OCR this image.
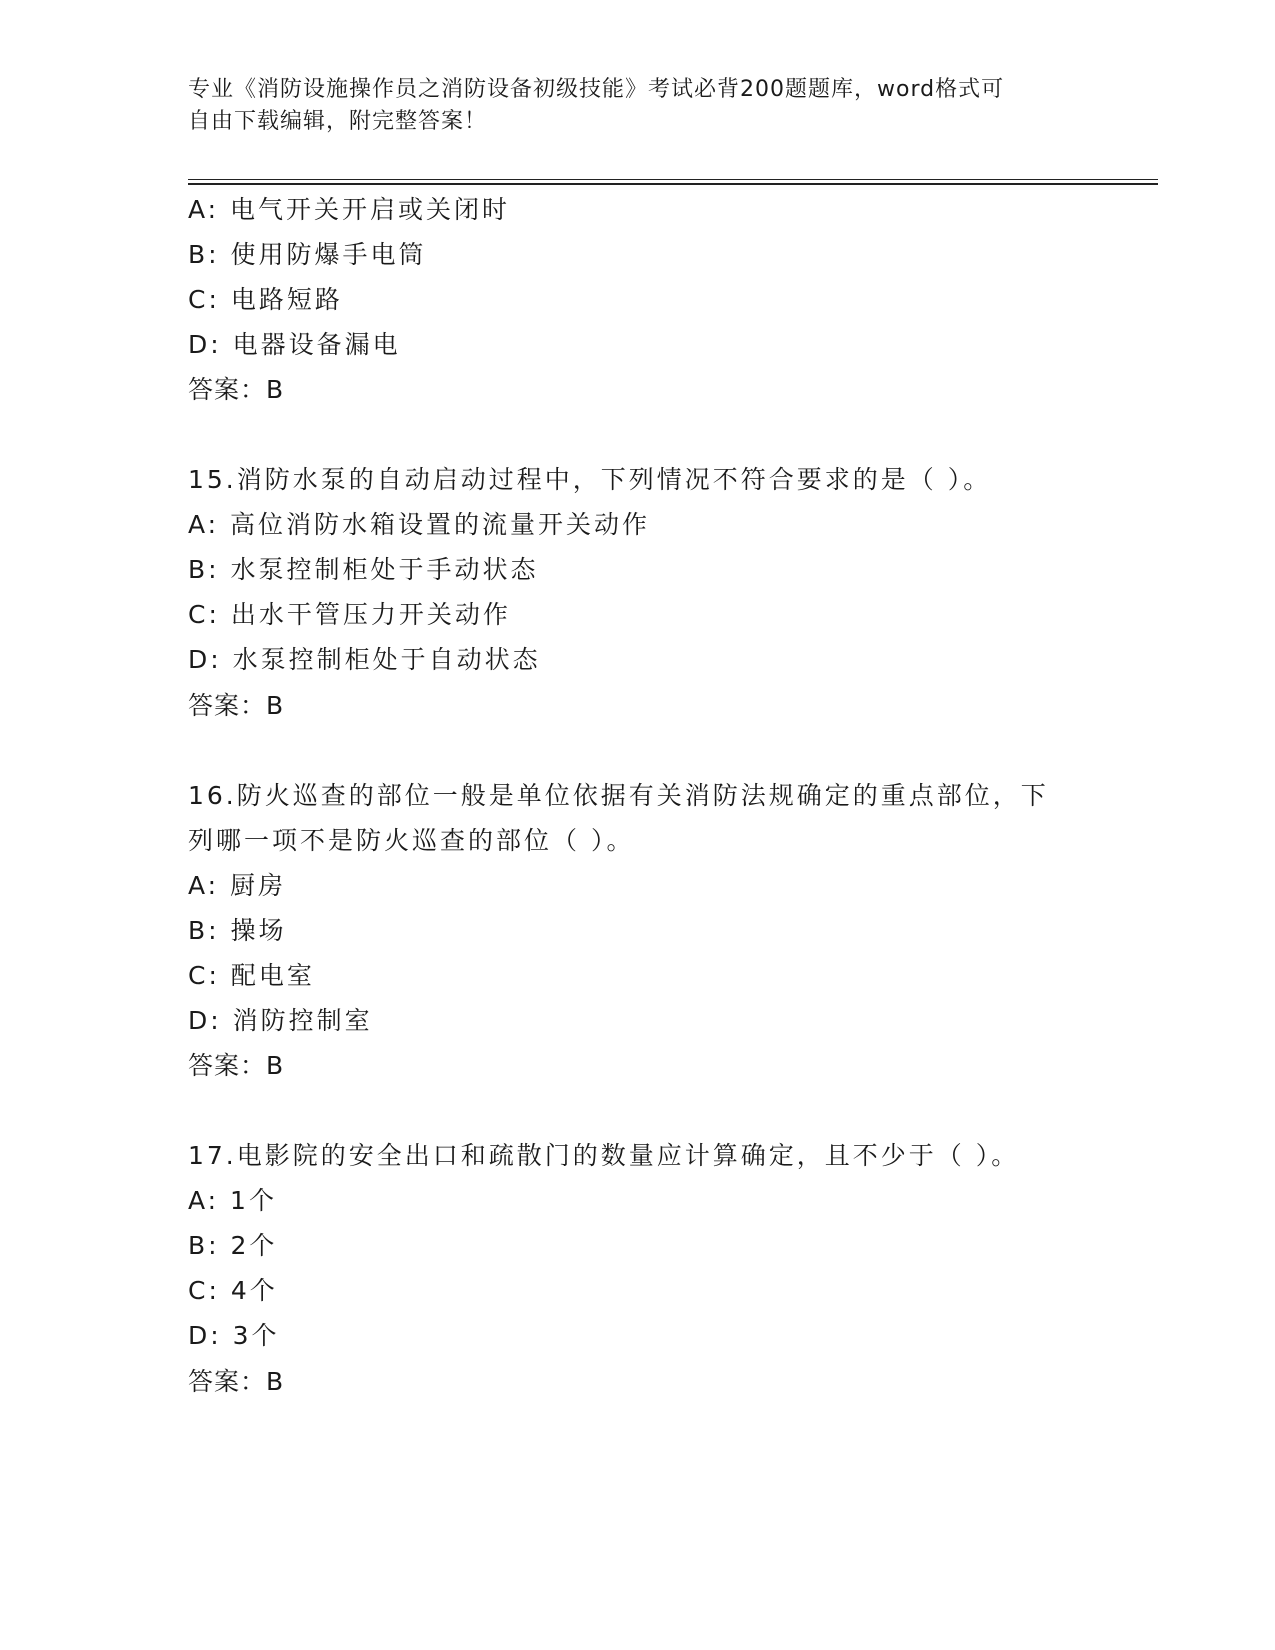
专业《消防设施操作员之消防设备初级技能》考试必背200题题库，word格式可
自由下载编辑，附完整答案！
A: 电气开关开启或关闭时
B: 使用防爆手电筒
C: 电路短路
D: 电器设备漏电
答案：B
15.消防水泵的自动启动过程中，下列情况不符合要求的是（ ）。
A: 高位消防水箱设置的流量开关动作
B: 水泵控制柜处于手动状态
C: 出水干管压力开关动作
D: 水泵控制柜处于自动状态
答案：B
16.防火巡查的部位一般是单位依据有关消防法规确定的重点部位，下
列哪一项不是防火巡查的部位（ ）。
A: 厨房
B: 操场
C: 配电室
D: 消防控制室
答案：B
17.电影院的安全出口和疏散门的数量应计算确定，且不少于（ ）。
A: 1个
B: 2个
C: 4个
D: 3个
答案：B
